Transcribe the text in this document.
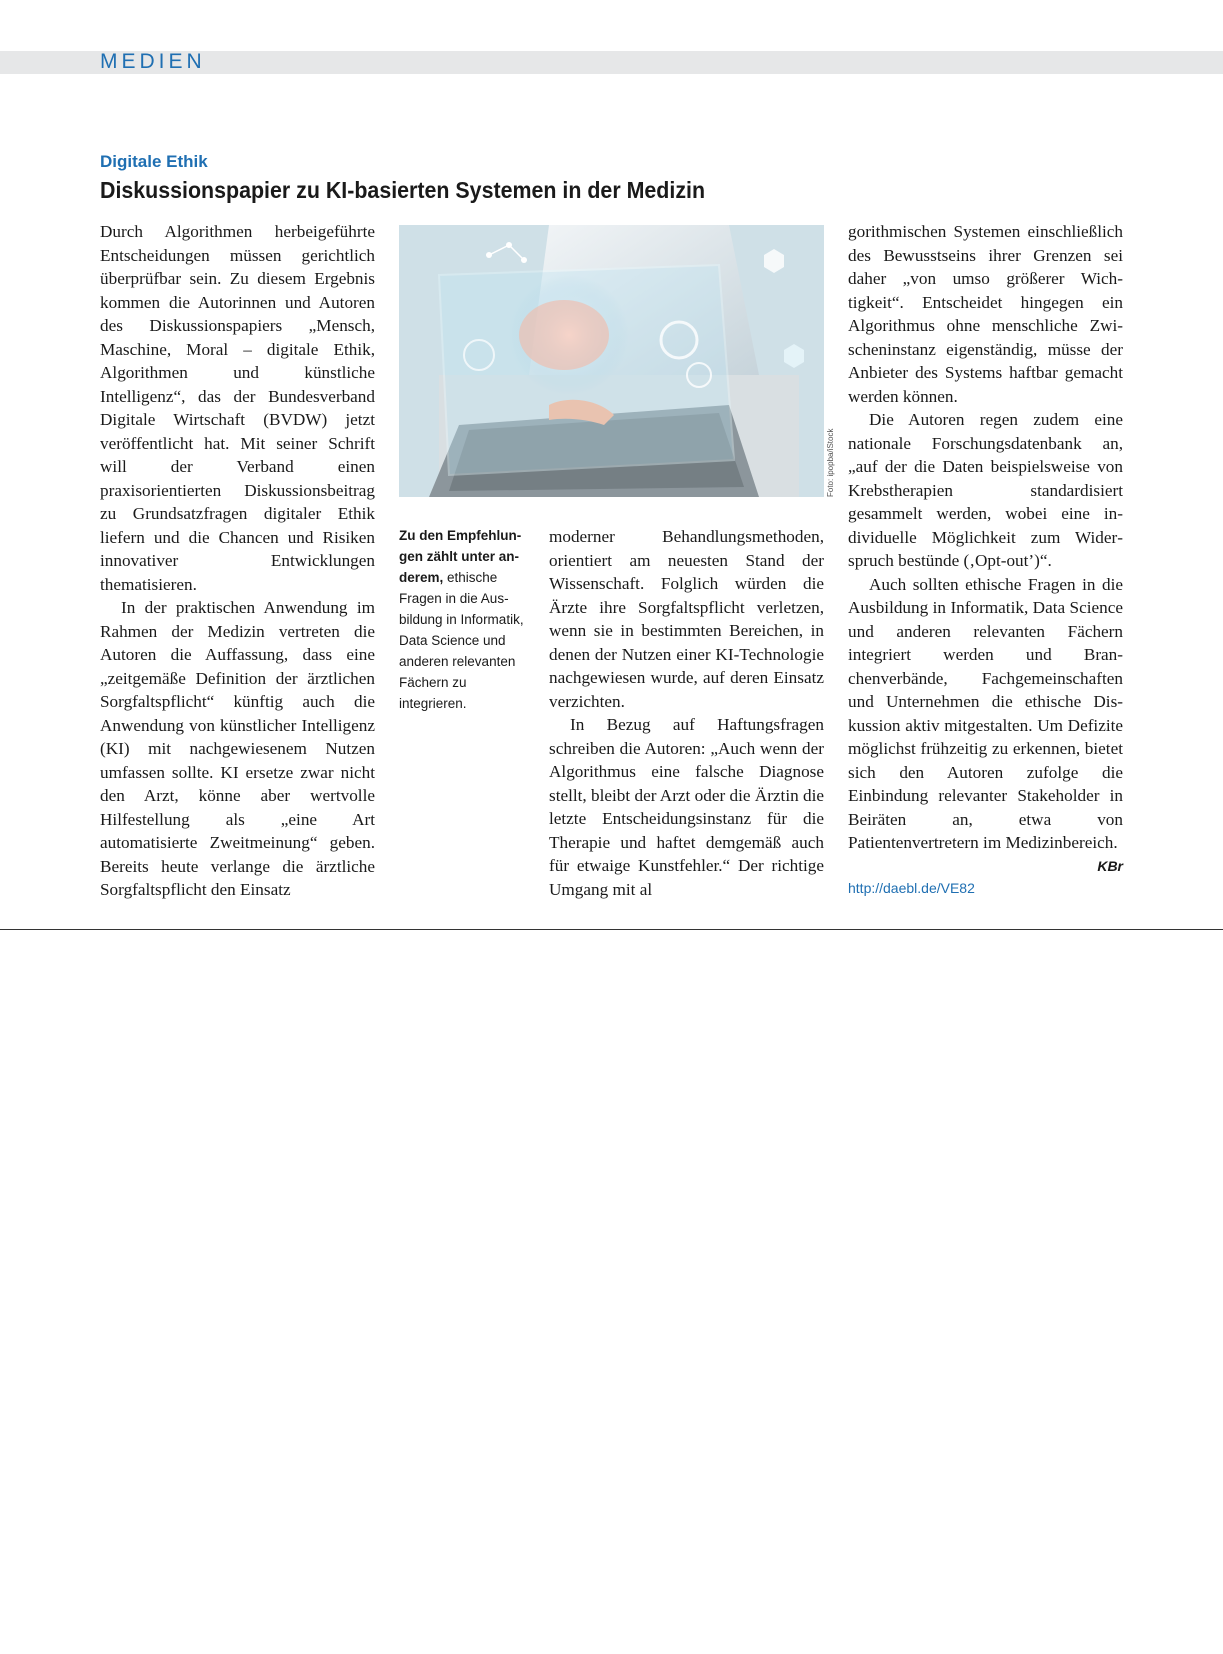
MEDIEN
Digitale Ethik
Diskussionspapier zu KI-basierten Systemen in der Medizin

Durch Algorithmen herbeigeführte Entscheidungen müssen gerichtlich überprüfbar sein. Zu diesem Ergebnis kommen die Autorinnen und Autoren des Diskussionspapiers „Mensch, Maschine, Moral – digitale Ethik, Algorithmen und künstliche Intelligenz“, das der Bundesverband Digitale Wirtschaft (BVDW) jetzt veröffentlicht hat. Mit seiner Schrift will der Verband einen praxisorientierten Diskussionsbeitrag zu Grundsatzfragen digitaler Ethik liefern und die Chancen und Risiken innovativer Entwicklungen thematisieren.

In der praktischen Anwendung im Rahmen der Medizin vertreten die Autoren die Auffassung, dass eine „zeitgemäße Definition der ärztlichen Sorgfaltspflicht“ künftig auch die Anwendung von künstlicher Intelligenz (KI) mit nachgewiesenem Nutzen umfassen sollte. KI ersetze zwar nicht den Arzt, könne aber wertvolle Hilfestellung als „eine Art automatisierte Zweitmeinung“ geben. Bereits heute verlange die ärztliche Sorgfaltspflicht den Einsatz

Foto: ipopba/iStock
Zu den Empfehlungen zählt unter anderem, ethische Fragen in die Ausbildung in Informatik, Data Science und anderen relevanten Fächern zu integrieren.

moderner Behandlungsmethoden, orientiert am neuesten Stand der Wissenschaft. Folglich würden die Ärzte ihre Sorgfaltspflicht verletzen, wenn sie in bestimmten Bereichen, in denen der Nutzen einer KI-Technologie nachgewiesen wurde, auf deren Einsatz verzichten.

In Bezug auf Haftungsfragen schreiben die Autoren: „Auch wenn der Algorithmus eine falsche Diagnose stellt, bleibt der Arzt oder die Ärztin die letzte Entscheidungsinstanz für die Therapie und haftet demgemäß auch für etwaige Kunstfehler.“ Der richtige Umgang mit al

gorithmischen Systemen einschließlich des Bewusstseins ihrer Grenzen sei daher „von umso größerer Wichtigkeit“. Entscheidet hingegen ein Algorithmus ohne menschliche Zwischeninstanz eigenständig, müsse der Anbieter des Systems haftbar gemacht werden können.

Die Autoren regen zudem eine nationale Forschungsdatenbank an, „auf der die Daten beispielsweise von Krebstherapien standardisiert gesammelt werden, wobei eine individuelle Möglichkeit zum Widerspruch bestünde (‚Opt-out’)“.

Auch sollten ethische Fragen in die Ausbildung in Informatik, Data Science und anderen relevanten Fächern integriert werden und Branchenverbände, Fachgemeinschaften und Unternehmen die ethische Diskussion aktiv mitgestalten. Um Defizite möglichst frühzeitig zu erkennen, bietet sich den Autoren zufolge die Einbindung relevanter Stakeholder in Beiräten an, etwa von Patientenvertretern im Medizinbereich.
KBr

http://daebl.de/VE82
